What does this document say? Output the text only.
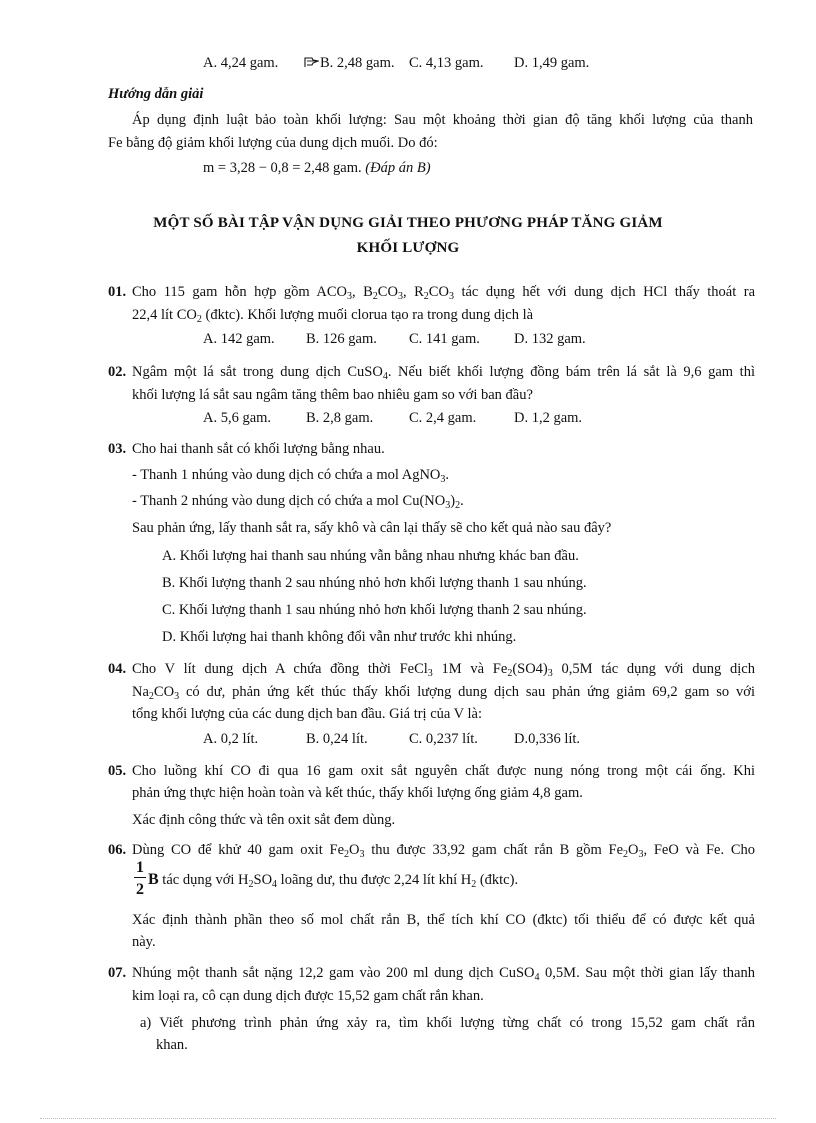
A. 4,24 gam.	B. 2,48 gam. C. 4,13 gam. D. 1,49 gam.
Hướng dẫn giải
Áp dụng định luật bảo toàn khối lượng: Sau một khoảng thời gian độ tăng khối lượng của thanh
Fe bằng độ giảm khối lượng của dung dịch muối. Do đó:
m = 3,28 − 0,8 = 2,48 gam. (Đáp án B)
MỘT SỐ BÀI TẬP VẬN DỤNG GIẢI THEO PHƯƠNG PHÁP TĂNG GIẢM
KHỐI LƯỢNG
01. Cho 115 gam hỗn hợp gồm $ACO_3$, $B_2CO_3$, $R_2CO_3$ tác dụng hết với dung dịch HCl thấy thoát ra
22,4 lít $CO_2$ (đktc). Khối lượng muối clorua tạo ra trong dung dịch là
A. 142 gam. B. 126 gam. C. 141 gam. D. 132 gam.
02. Ngâm một lá sắt trong dung dịch CuSO$_4$. Nếu biết khối lượng đồng bám trên lá sắt là 9,6 gam thì
khối lượng lá sắt sau ngâm tăng thêm bao nhiêu gam so với ban đầu?
A. 5,6 gam. B. 2,8 gam. C. 2,4 gam.	D. 1,2 gam.
03. Cho hai thanh sắt có khối lượng bằng nhau.
- Thanh 1 nhúng vào dung dịch có chứa a mol AgNO$_3$.
- Thanh 2 nhúng vào dung dịch có chứa a mol $Cu(NO_3)_2$.
Sau phản ứng, lấy thanh sắt ra, sấy khô và cân lại thấy sẽ cho kết quả nào sau đây?
A. Khối lượng hai thanh sau nhúng vẫn bằng nhau nhưng khác ban đầu.
B. Khối lượng thanh 2 sau nhúng nhỏ hơn khối lượng thanh 1 sau nhúng.
C. Khối lượng thanh 1 sau nhúng nhỏ hơn khối lượng thanh 2 sau nhúng.
D. Khối lượng hai thanh không đổi vẫn như trước khi nhúng.
04. Cho V lít dung dịch A chứa đồng thời FeCl$_3$ 1M và $Fe_2(SO4)_3$ 0,5M tác dụng với dung dịch
$Na_2CO_3$ có dư, phản ứng kết thúc thấy khối lượng dung dịch sau phản ứng giảm 69,2 gam so với
tổng khối lượng của các dung dịch ban đầu. Giá trị của V là:
A. 0,2 lít.	B. 0,24 lít.	C. 0,237 lít. D.0,336 lít.
05. Cho luồng khí CO đi qua 16 gam oxit sắt nguyên chất được nung nóng trong một cái ống. Khi
phản ứng thực hiện hoàn toàn và kết thúc, thấy khối lượng ống giảm 4,8 gam.
Xác định công thức và tên oxit sắt đem dùng.
06. Dùng CO để khử 40 gam oxit $Fe_2O_3$ thu được 33,92 gam chất rắn B gồm $Fe_2O_3$, FeO và Fe. Cho
1
2
B tác dụng với $H_2SO_4$ loãng dư, thu được 2,24 lít khí $H_2$ (đktc).
Xác định thành phần theo số mol chất rắn B, thể tích khí CO (đktc) tối thiểu để có được kết quả
này.
07. Nhúng một thanh sắt nặng 12,2 gam vào 200 ml dung dịch CuSO$_4$ 0,5M. Sau một thời gian lấy thanh
kim loại ra, cô cạn dung dịch được 15,52 gam chất rắn khan.
a) Viết phương trình phản ứng xảy ra, tìm khối lượng từng chất có trong 15,52 gam chất rắn
khan.
